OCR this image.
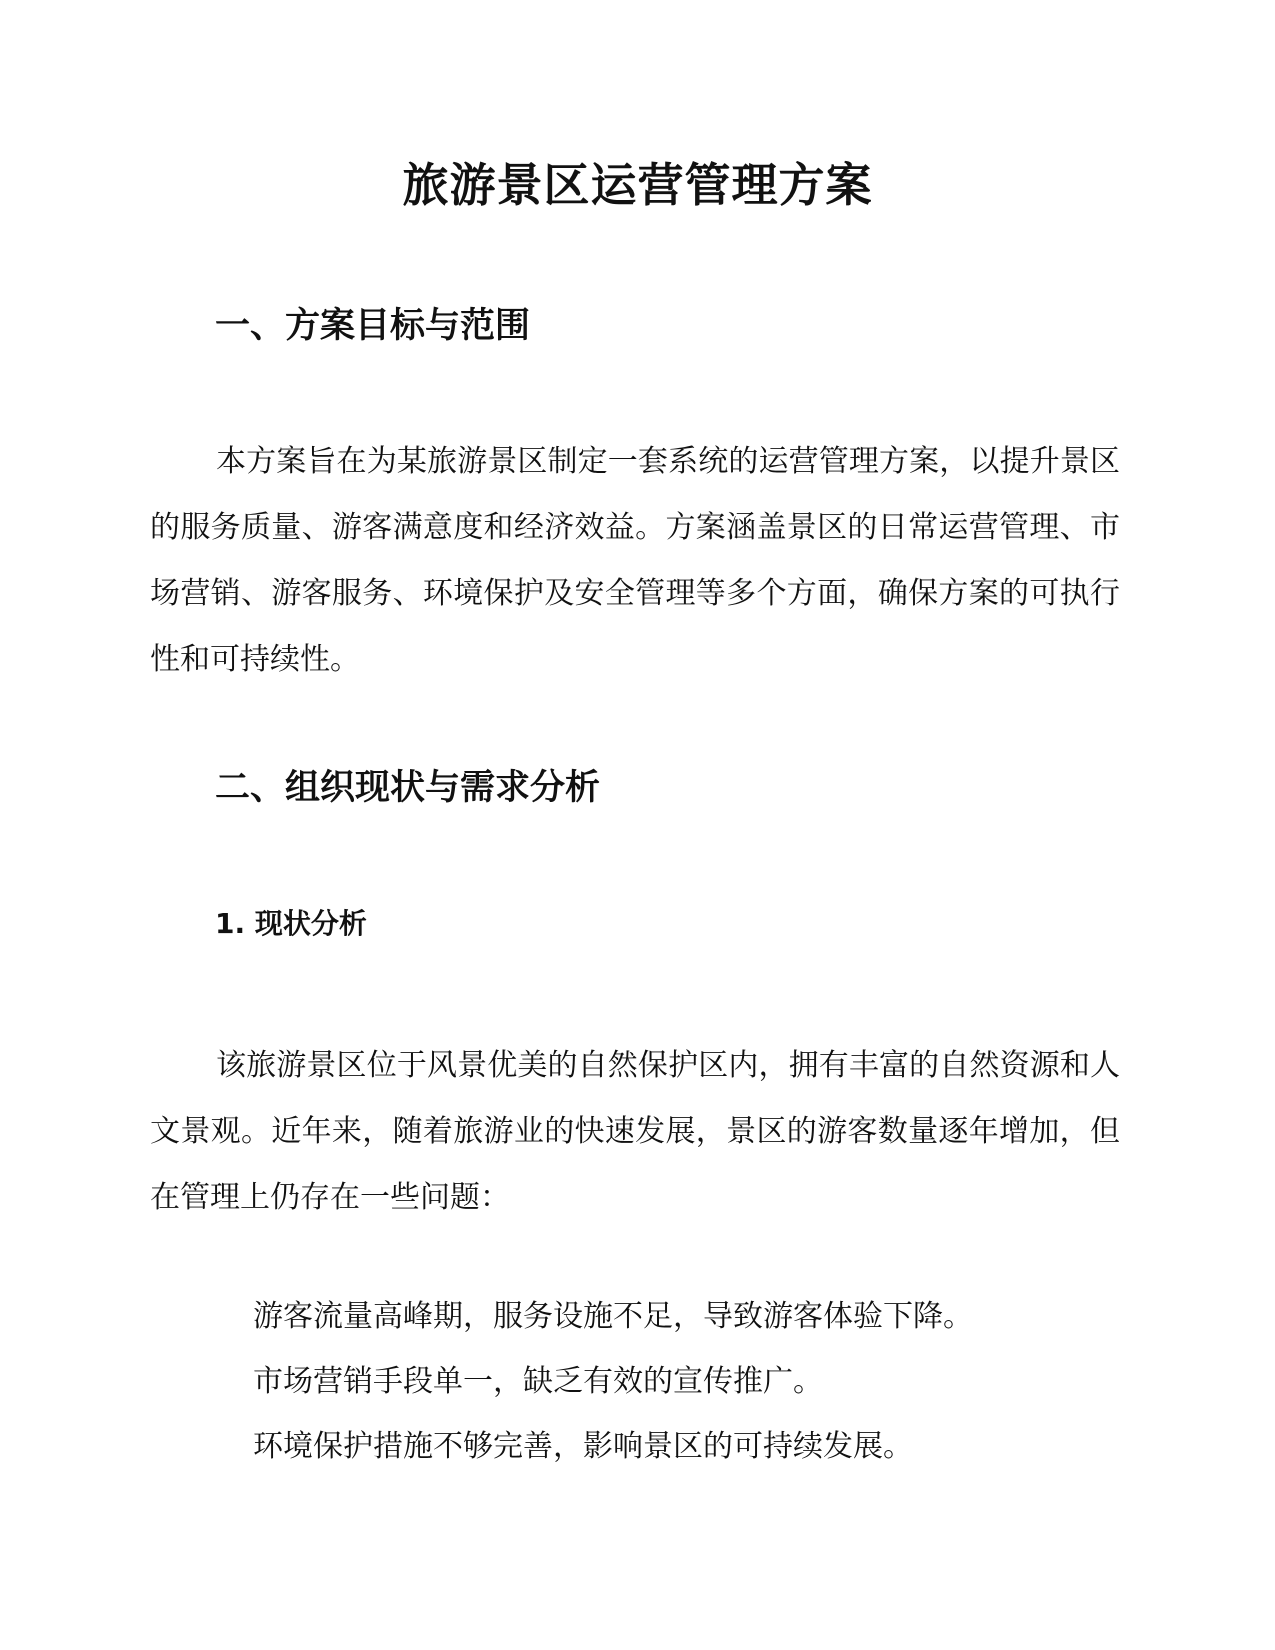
旅游景区运营管理方案
一、方案目标与范围

本方案旨在为某旅游景区制定一套系统的运营管理方案，以提升景区的服务质量、游客满意度和经济效益。方案涵盖景区的日常运营管理、市场营销、游客服务、环境保护及安全管理等多个方面，确保方案的可执行性和可持续性。

二、组织现状与需求分析
1. 现状分析

该旅游景区位于风景优美的自然保护区内，拥有丰富的自然资源和人文景观。近年来，随着旅游业的快速发展，景区的游客数量逐年增加，但在管理上仍存在一些问题：

游客流量高峰期，服务设施不足，导致游客体验下降。
市场营销手段单一，缺乏有效的宣传推广。
环境保护措施不够完善，影响景区的可持续发展。
